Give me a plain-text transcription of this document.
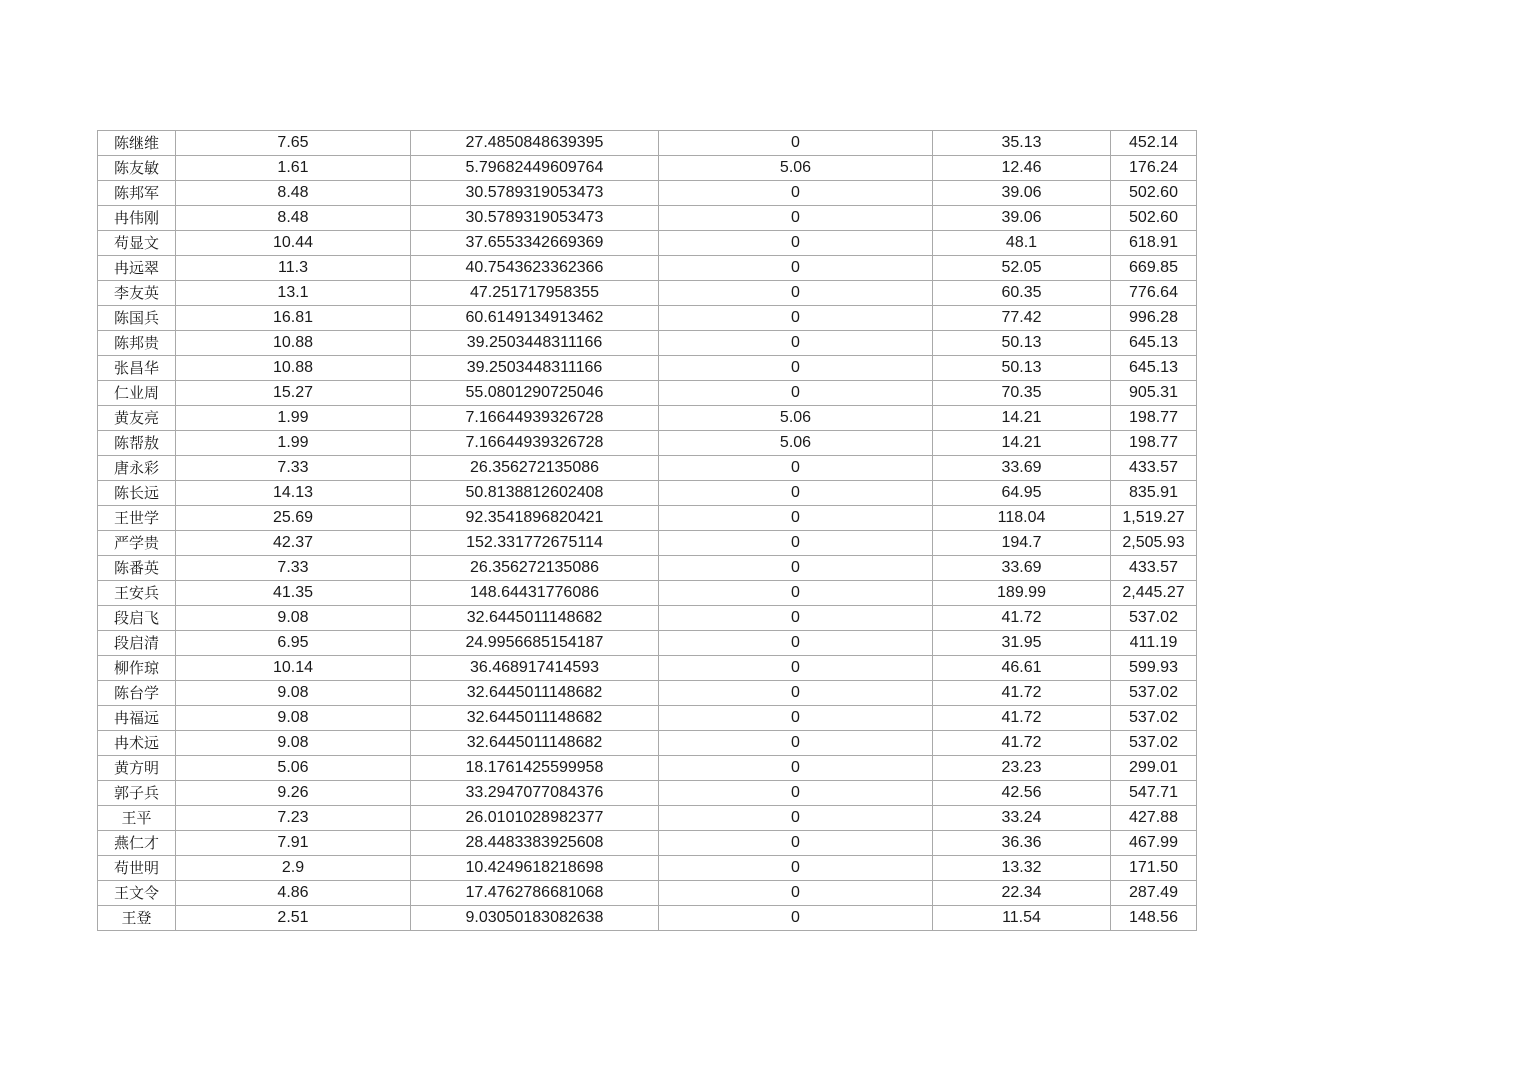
陈继维	7.65	27.4850848639395	0	35.13	452.14
陈友敏	1.61	5.79682449609764	5.06	12.46	176.24
陈邦军	8.48	30.5789319053473	0	39.06	502.60
冉伟刚	8.48	30.5789319053473	0	39.06	502.60
苟显文	10.44	37.6553342669369	0	48.1	618.91
冉远翠	11.3	40.7543623362366	0	52.05	669.85
李友英	13.1	47.251717958355	0	60.35	776.64
陈国兵	16.81	60.6149134913462	0	77.42	996.28
陈邦贵	10.88	39.2503448311166	0	50.13	645.13
张昌华	10.88	39.2503448311166	0	50.13	645.13
仁业周	15.27	55.0801290725046	0	70.35	905.31
黄友亮	1.99	7.16644939326728	5.06	14.21	198.77
陈帮敖	1.99	7.16644939326728	5.06	14.21	198.77
唐永彩	7.33	26.356272135086	0	33.69	433.57
陈长远	14.13	50.8138812602408	0	64.95	835.91
王世学	25.69	92.3541896820421	0	118.04	1,519.27
严学贵	42.37	152.331772675114	0	194.7	2,505.93
陈番英	7.33	26.356272135086	0	33.69	433.57
王安兵	41.35	148.64431776086	0	189.99	2,445.27
段启飞	9.08	32.6445011148682	0	41.72	537.02
段启清	6.95	24.9956685154187	0	31.95	411.19
柳作琼	10.14	36.468917414593	0	46.61	599.93
陈台学	9.08	32.6445011148682	0	41.72	537.02
冉福远	9.08	32.6445011148682	0	41.72	537.02
冉术远	9.08	32.6445011148682	0	41.72	537.02
黄方明	5.06	18.1761425599958	0	23.23	299.01
郭子兵	9.26	33.2947077084376	0	42.56	547.71
王平	7.23	26.0101028982377	0	33.24	427.88
燕仁才	7.91	28.4483383925608	0	36.36	467.99
苟世明	2.9	10.4249618218698	0	13.32	171.50
王文令	4.86	17.4762786681068	0	22.34	287.49
王登	2.51	9.03050183082638	0	11.54	148.56
